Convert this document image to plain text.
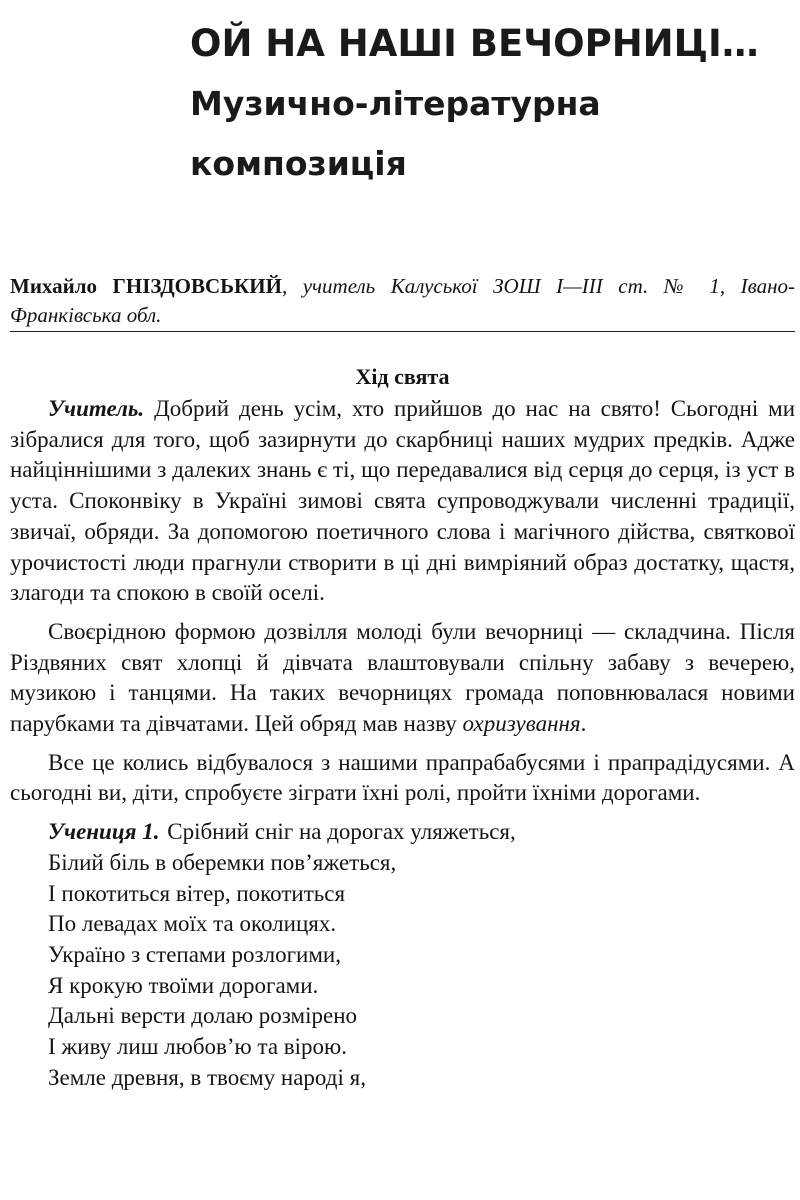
ОЙ НА НАШІ ВЕЧОРНИЦІ…
Музично-літературна
композиція
Михайло ГНІЗДОВСЬКИЙ, учитель Калуської ЗОШ І—ІІІ ст. № 1, Івано-Франківська обл.
Хід свята

Учитель. Добрий день усім, хто прийшов до нас на свято! Сьогодні ми зібралися для того, щоб зазирнути до скарбниці наших мудрих предків. Адже найціннішими з далеких знань є ті, що передавалися від серця до серця, із уст в уста. Споконвіку в Україні зимові свята супроводжували численні традиції, звичаї, обряди. За допомогою поетичного слова і магічного дійства, святкової урочистості люди прагнули створити в ці дні вимріяний образ достатку, щастя, злагоди та спокою в своїй оселі.

Своєрідною формою дозвілля молоді були вечорниці — складчина. Після Різдвяних свят хлопці й дівчата влаштовували спільну забаву з вечерею, музикою і танцями. На таких вечорницях громада поповнювалася новими парубками та дівчатами. Цей обряд мав назву охризування.

Все це колись відбувалося з нашими прапрабабусями і прапрадідусями. А сьогодні ви, діти, спробуєте зіграти їхні ролі, пройти їхніми дорогами.

Учениця 1. Срібний сніг на дорогах уляжеться,
Білий біль в оберемки пов’яжеться,
І покотиться вітер, покотиться
По левадах моїх та околицях.
Україно з степами розлогими,
Я крокую твоїми дорогами.
Дальні версти долаю розмірено
І живу лиш любов’ю та вірою.
Земле древня, в твоєму народі я,
